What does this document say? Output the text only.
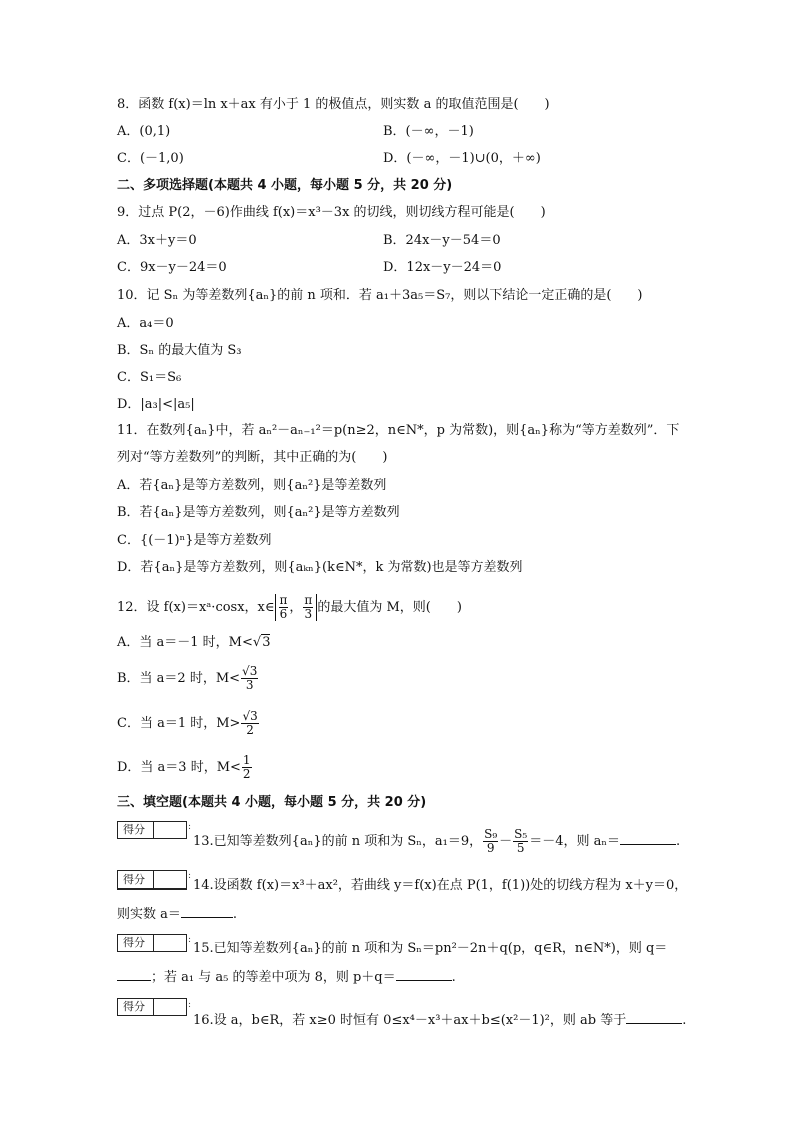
8．函数 f(x)＝ln x＋ax 有小于 1 的极值点，则实数 a 的取值范围是(　　)
A．(0,1)	B．(－∞，－1)
C．(－1,0)	D．(－∞，－1)∪(0，＋∞)
二、多项选择题(本题共 4 小题，每小题 5 分，共 20 分)
9．过点 P(2，－6)作曲线 f(x)＝x³－3x 的切线，则切线方程可能是(　　)
A．3x＋y＝0	B．24x－y－54＝0
C．9x－y－24＝0	D．12x－y－24＝0
10．记 Sₙ 为等差数列{aₙ}的前 n 项和．若 a₁＋3a₅＝S₇，则以下结论一定正确的是(　　)
A．a₄＝0
B．Sₙ 的最大值为 S₃
C．S₁＝S₆
D．|a₃|<|a₅|
11．在数列{aₙ}中，若 aₙ²－aₙ₋₁²＝p(n≥2，n∈N*，p 为常数)，则{aₙ}称为“等方差数列”．下
列对“等方差数列”的判断，其中正确的为(　　)
A．若{aₙ}是等方差数列，则{aₙ²}是等差数列
B．若{aₙ}是等方差数列，则{aₙ²}是等方差数列
C．{(－1)ⁿ}是等方差数列
D．若{aₙ}是等方差数列，则{aₖₙ}(k∈N*，k 为常数)也是等方差数列
12．设 f(x)＝xᵃ·cosx，x∈ $\frac{\pi}{6}$ ， $\frac{\pi}{3}$ 的最大值为 M，则(　　)
A．当 a＝－1 时，M<√3
B．当 a＝2 时，$M< \frac{√3}{3}$
C．当 a＝1 时，$M> \frac{√3}{2}$
D．当 a＝3 时，$M< \frac{1}{2}$
三、填空题(本题共 4 小题，每小题 5 分，共 20 分)
得分	:
13.已知等差数列{aₙ}的前 n 项和为 Sₙ，a₁＝9， $\frac{\text{S₉}}{9} - \frac{\text{S₅}}{5} =-4$，则 aₙ＝	.
得分	:
14.设函数 f(x)＝x³＋ax²，若曲线 y＝f(x)在点 P(1，f(1))处的切线方程为 x＋y＝0，
则实数 a＝	.
得分	:
15.已知等差数列{aₙ}的前 n 项和为 Sₙ＝pn²－2n＋q(p，q∈R，n∈N*)，则 q＝
；若 a₁ 与 a₅ 的等差中项为 8，则 p＋q＝	.
得分	:
16.设 a，b∈R，若 x≥0 时恒有 0≤x⁴－x³＋ax＋b≤(x²－1)²，则 ab 等于	.
